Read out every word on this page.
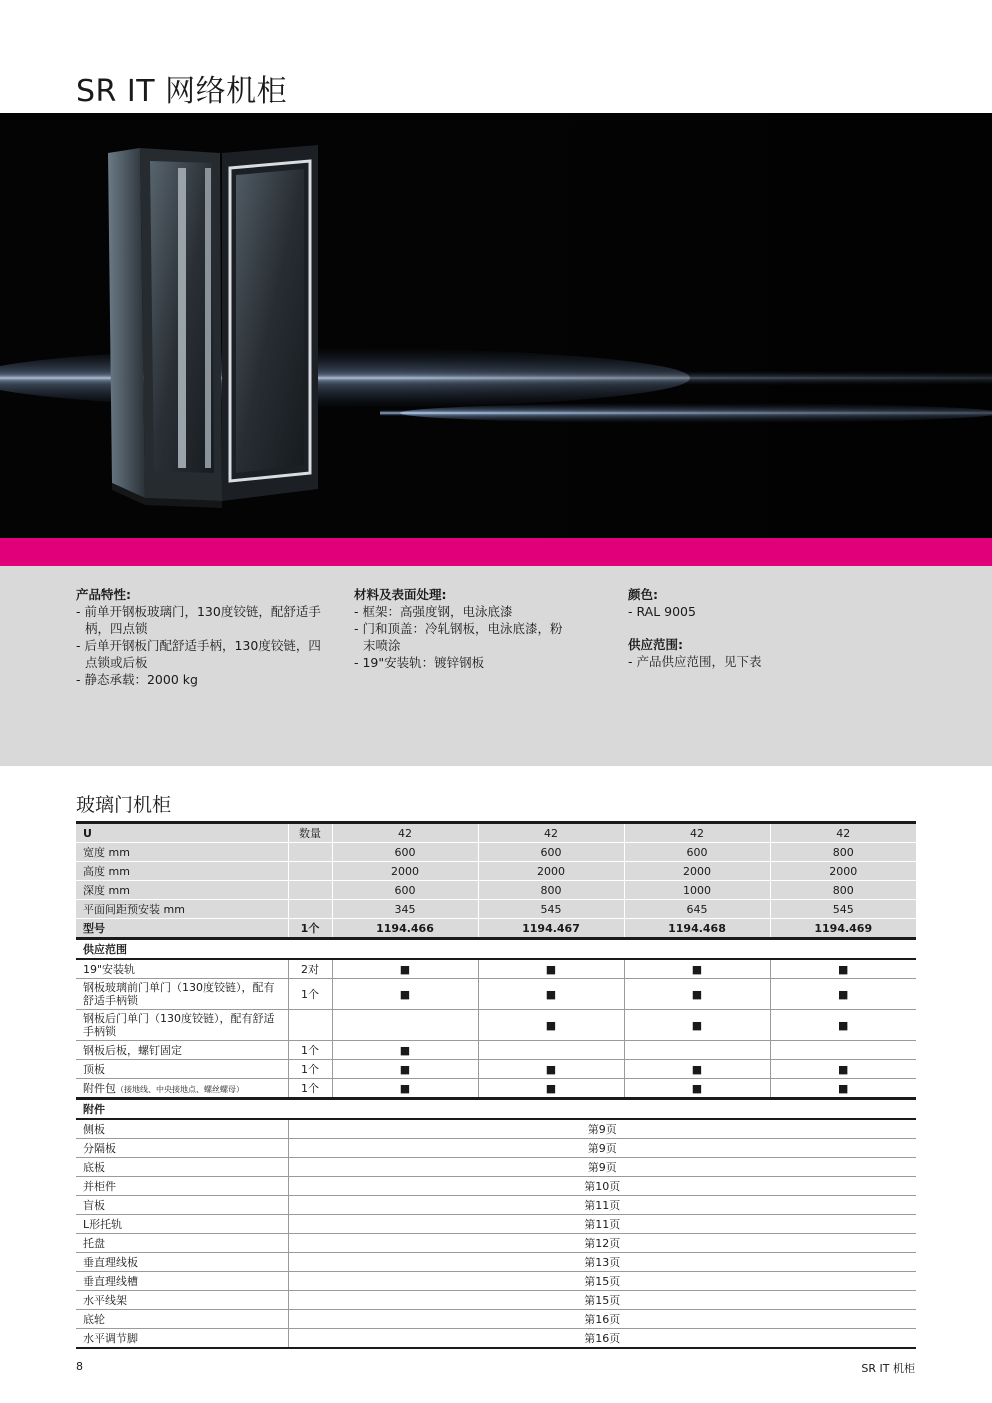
SR IT 网络机柜
产品特性:
- 前单开钢板玻璃门，130度铰链，配舒适手柄，四点锁
- 后单开钢板门配舒适手柄，130度铰链，四点锁或后板
- 静态承载：2000 kg
材料及表面处理:
- 框架：高强度钢，电泳底漆
- 门和顶盖：冷轧钢板，电泳底漆，粉末喷涂
- 19"安装轨：镀锌钢板
颜色:
- RAL 9005
供应范围:
- 产品供应范围，见下表
玻璃门机柜
U	数量	42	42	42	42
宽度 mm		600	600	600	800
高度 mm		2000	2000	2000	2000
深度 mm		600	800	1000	800
平面间距预安装 mm		345	545	645	545
型号	1个	1194.466	1194.467	1194.468	1194.469
供应范围					
19"安装轨	2对	■	■	■	■
钢板玻璃前门单门（130度铰链），配有舒适手柄锁	1个	■	■	■	■
钢板后门单门（130度铰链），配有舒适手柄锁			■	■	■
钢板后板，螺钉固定	1个	■			
顶板	1个	■	■	■	■
附件包（接地线、中央接地点、螺丝螺母）	1个	■	■	■	■
附件					
侧板	第9页				
分隔板	第9页				
底板	第9页				
并柜件	第10页				
盲板	第11页				
L形托轨	第11页				
托盘	第12页				
垂直理线板	第13页				
垂直理线槽	第15页				
水平线架	第15页				
底轮	第16页				
水平调节脚	第16页				
8	SR IT 机柜
